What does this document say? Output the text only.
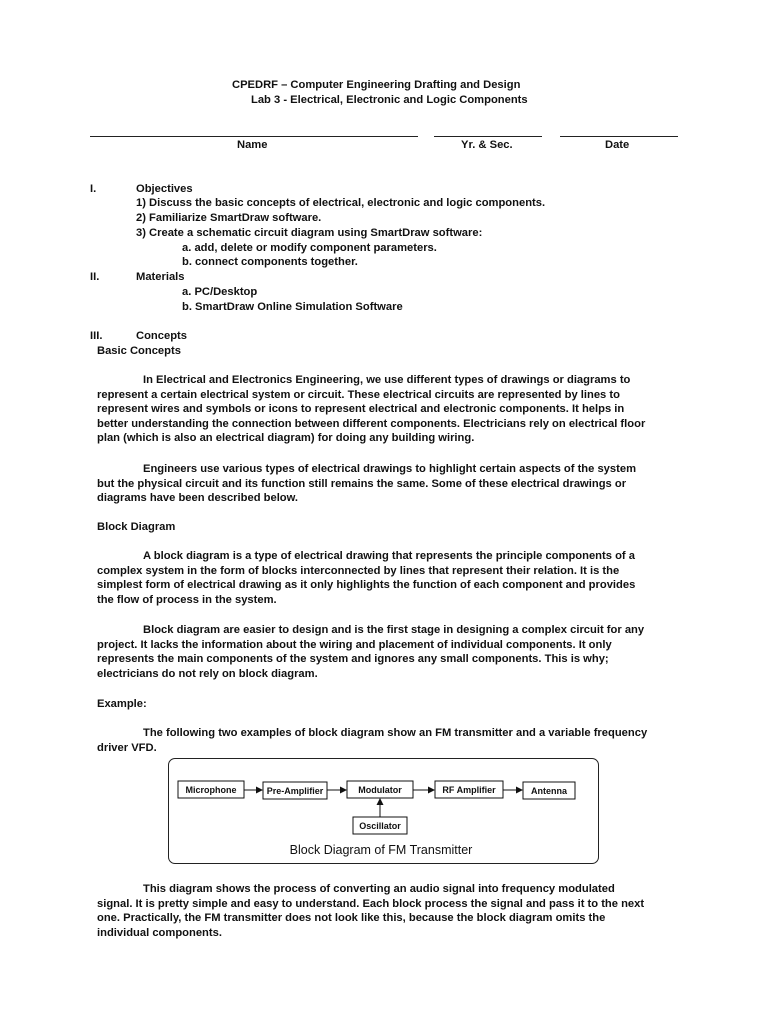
CPEDRF – Computer Engineering Drafting and Design
Lab 3 - Electrical, Electronic and Logic Components
Name	Yr. & Sec.	Date
I.	Objectives
1) Discuss the basic concepts of electrical, electronic and logic components.
2) Familiarize SmartDraw software.
3) Create a schematic circuit diagram using SmartDraw software:
a. add, delete or modify component parameters.
b. connect components together.
II.	Materials
a. PC/Desktop
b. SmartDraw Online Simulation Software
III.	Concepts
Basic Concepts
In Electrical and Electronics Engineering, we use different types of drawings or diagrams to represent a certain electrical system or circuit. These electrical circuits are represented by lines to represent wires and symbols or icons to represent electrical and electronic components. It helps in better understanding the connection between different components. Electricians rely on electrical floor plan (which is also an electrical diagram) for doing any building wiring.
Engineers use various types of electrical drawings to highlight certain aspects of the system but the physical circuit and its function still remains the same. Some of these electrical drawings or diagrams have been described below.
Block Diagram
A block diagram is a type of electrical drawing that represents the principle components of a complex system in the form of blocks interconnected by lines that represent their relation. It is the simplest form of electrical drawing as it only highlights the function of each component and provides the flow of process in the system.
Block diagram are easier to design and is the first stage in designing a complex circuit for any project. It lacks the information about the wiring and placement of individual components. It only represents the main components of the system and ignores any small components. This is why; electricians do not rely on block diagram.
Example:
The following two examples of block diagram show an FM transmitter and a variable frequency driver VFD.
Microphone	Pre-Amplifier	Modulator	RF Amplifier	Antenna
Oscillator
Block Diagram of FM Transmitter
This diagram shows the process of converting an audio signal into frequency modulated signal. It is pretty simple and easy to understand. Each block process the signal and pass it to the next one. Practically, the FM transmitter does not look like this, because the block diagram omits the individual components.
